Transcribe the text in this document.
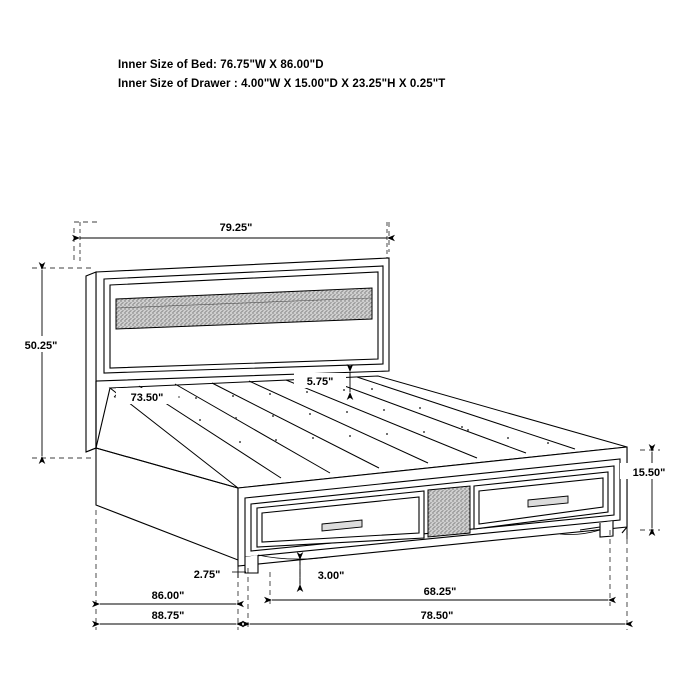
Inner Size of Bed: 76.75"W X 86.00"D
Inner Size of Drawer : 4.00"W X 15.00"D X 23.25"H X 0.25"T
79.25"
50.25"
73.50"
5.75"
15.50"
3.00"
2.75"
68.25"
86.00"
88.75"	78.50"
